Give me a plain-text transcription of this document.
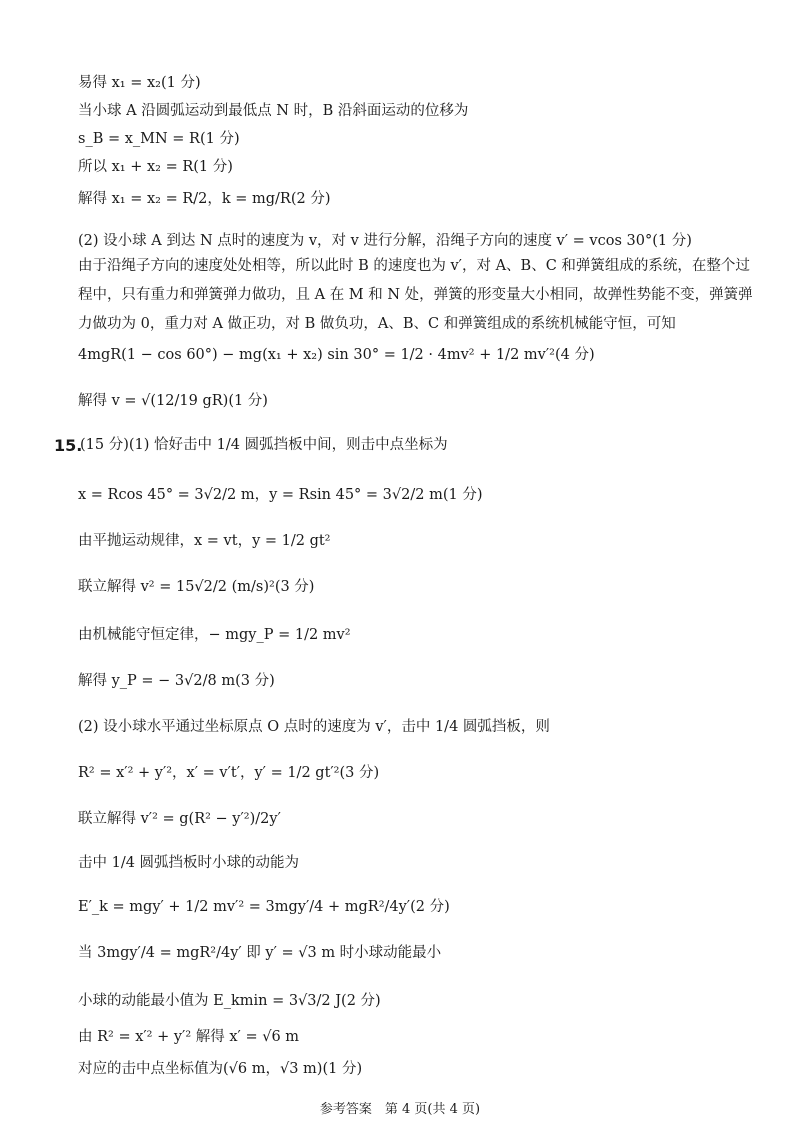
易得 x₁ = x₂(1 分)
当小球 A 沿圆弧运动到最低点 N 时，B 沿斜面运动的位移为
s_B = x_MN = R(1 分)
所以 x₁ + x₂ = R(1 分)
解得 x₁ = x₂ = R/2，k = mg/R(2 分)
(2) 设小球 A 到达 N 点时的速度为 v，对 v 进行分解，沿绳子方向的速度 v′ = vcos 30°(1 分)
由于沿绳子方向的速度处处相等，所以此时 B 的速度也为 v′，对 A、B、C 和弹簧组成的系统，在整个过程中，只有重力和弹簧弹力做功，且 A 在 M 和 N 处，弹簧的形变量大小相同，故弹性势能不变，弹簧弹力做功为 0，重力对 A 做正功，对 B 做负功，A、B、C 和弹簧组成的系统机械能守恒，可知
4mgR(1 − cos 60°) − mg(x₁ + x₂) sin 30° = 1/2 · 4mv² + 1/2 mv′²(4 分)
解得 v = √(12/19 gR)(1 分)
15.
(15 分)(1) 恰好击中 1/4 圆弧挡板中间，则击中点坐标为
x = Rcos 45° = 3√2/2 m，y = Rsin 45° = 3√2/2 m(1 分)
由平抛运动规律，x = vt，y = 1/2 gt²
联立解得 v² = 15√2/2 (m/s)²(3 分)
由机械能守恒定律，− mgy_P = 1/2 mv²
解得 y_P = − 3√2/8 m(3 分)
(2) 设小球水平通过坐标原点 O 点时的速度为 v′，击中 1/4 圆弧挡板，则
R² = x′² + y′²，x′ = v′t′，y′ = 1/2 gt′²(3 分)
联立解得 v′² = g(R² − y′²)/2y′
击中 1/4 圆弧挡板时小球的动能为
E′_k = mgy′ + 1/2 mv′² = 3mgy′/4 + mgR²/4y′(2 分)
当 3mgy′/4 = mgR²/4y′ 即 y′ = √3 m 时小球动能最小
小球的动能最小值为 E_kmin = 3√3/2 J(2 分)
由 R² = x′² + y′² 解得 x′ = √6 m
对应的击中点坐标值为(√6 m，√3 m)(1 分)
参考答案　第 4 页(共 4 页)
